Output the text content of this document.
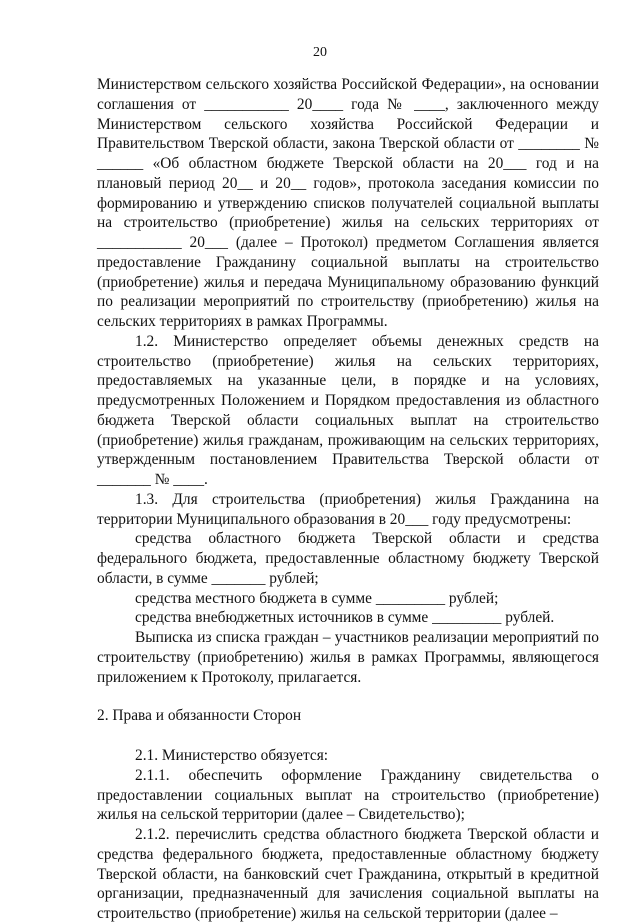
20

Министерством сельского хозяйства Российской Федерации», на основании соглашения от ___________ 20____ года № ____, заключенного между Министерством сельского хозяйства Российской Федерации и Правительством Тверской области, закона Тверской области от ________ № ______ «Об областном бюджете Тверской области на 20___ год и на плановый период 20__ и 20__ годов», протокола заседания комиссии по формированию и утверждению списков получателей социальной выплаты на строительство (приобретение) жилья на сельских территориях от ___________ 20___ (далее – Протокол) предметом Соглашения является предоставление Гражданину социальной выплаты на строительство (приобретение) жилья и передача Муниципальному образованию функций по реализации мероприятий по строительству (приобретению) жилья на сельских территориях в рамках Программы.

1.2. Министерство определяет объемы денежных средств на строительство (приобретение) жилья на сельских территориях, предоставляемых на указанные цели, в порядке и на условиях, предусмотренных Положением и Порядком предоставления из областного бюджета Тверской области социальных выплат на строительство (приобретение) жилья гражданам, проживающим на сельских территориях, утвержденным постановлением Правительства Тверской области от _______ № ____.

1.3. Для строительства (приобретения) жилья Гражданина на территории Муниципального образования в 20___ году предусмотрены:

средства областного бюджета Тверской области и средства федерального бюджета, предоставленные областному бюджету Тверской области, в сумме _______ рублей;

средства местного бюджета в сумме _________ рублей;

средства внебюджетных источников в сумме _________ рублей.

Выписка из списка граждан – участников реализации мероприятий по строительству (приобретению) жилья в рамках Программы, являющегося приложением к Протоколу, прилагается.

2. Права и обязанности Сторон

2.1. Министерство обязуется:

2.1.1. обеспечить оформление Гражданину свидетельства о предоставлении социальных выплат на строительство (приобретение) жилья на сельской территории (далее – Свидетельство);

2.1.2. перечислить средства областного бюджета Тверской области и средства федерального бюджета, предоставленные областному бюджету Тверской области, на банковский счет Гражданина, открытый в кредитной организации, предназначенный для зачисления социальной выплаты на строительство (приобретение) жилья на сельской территории (далее –
